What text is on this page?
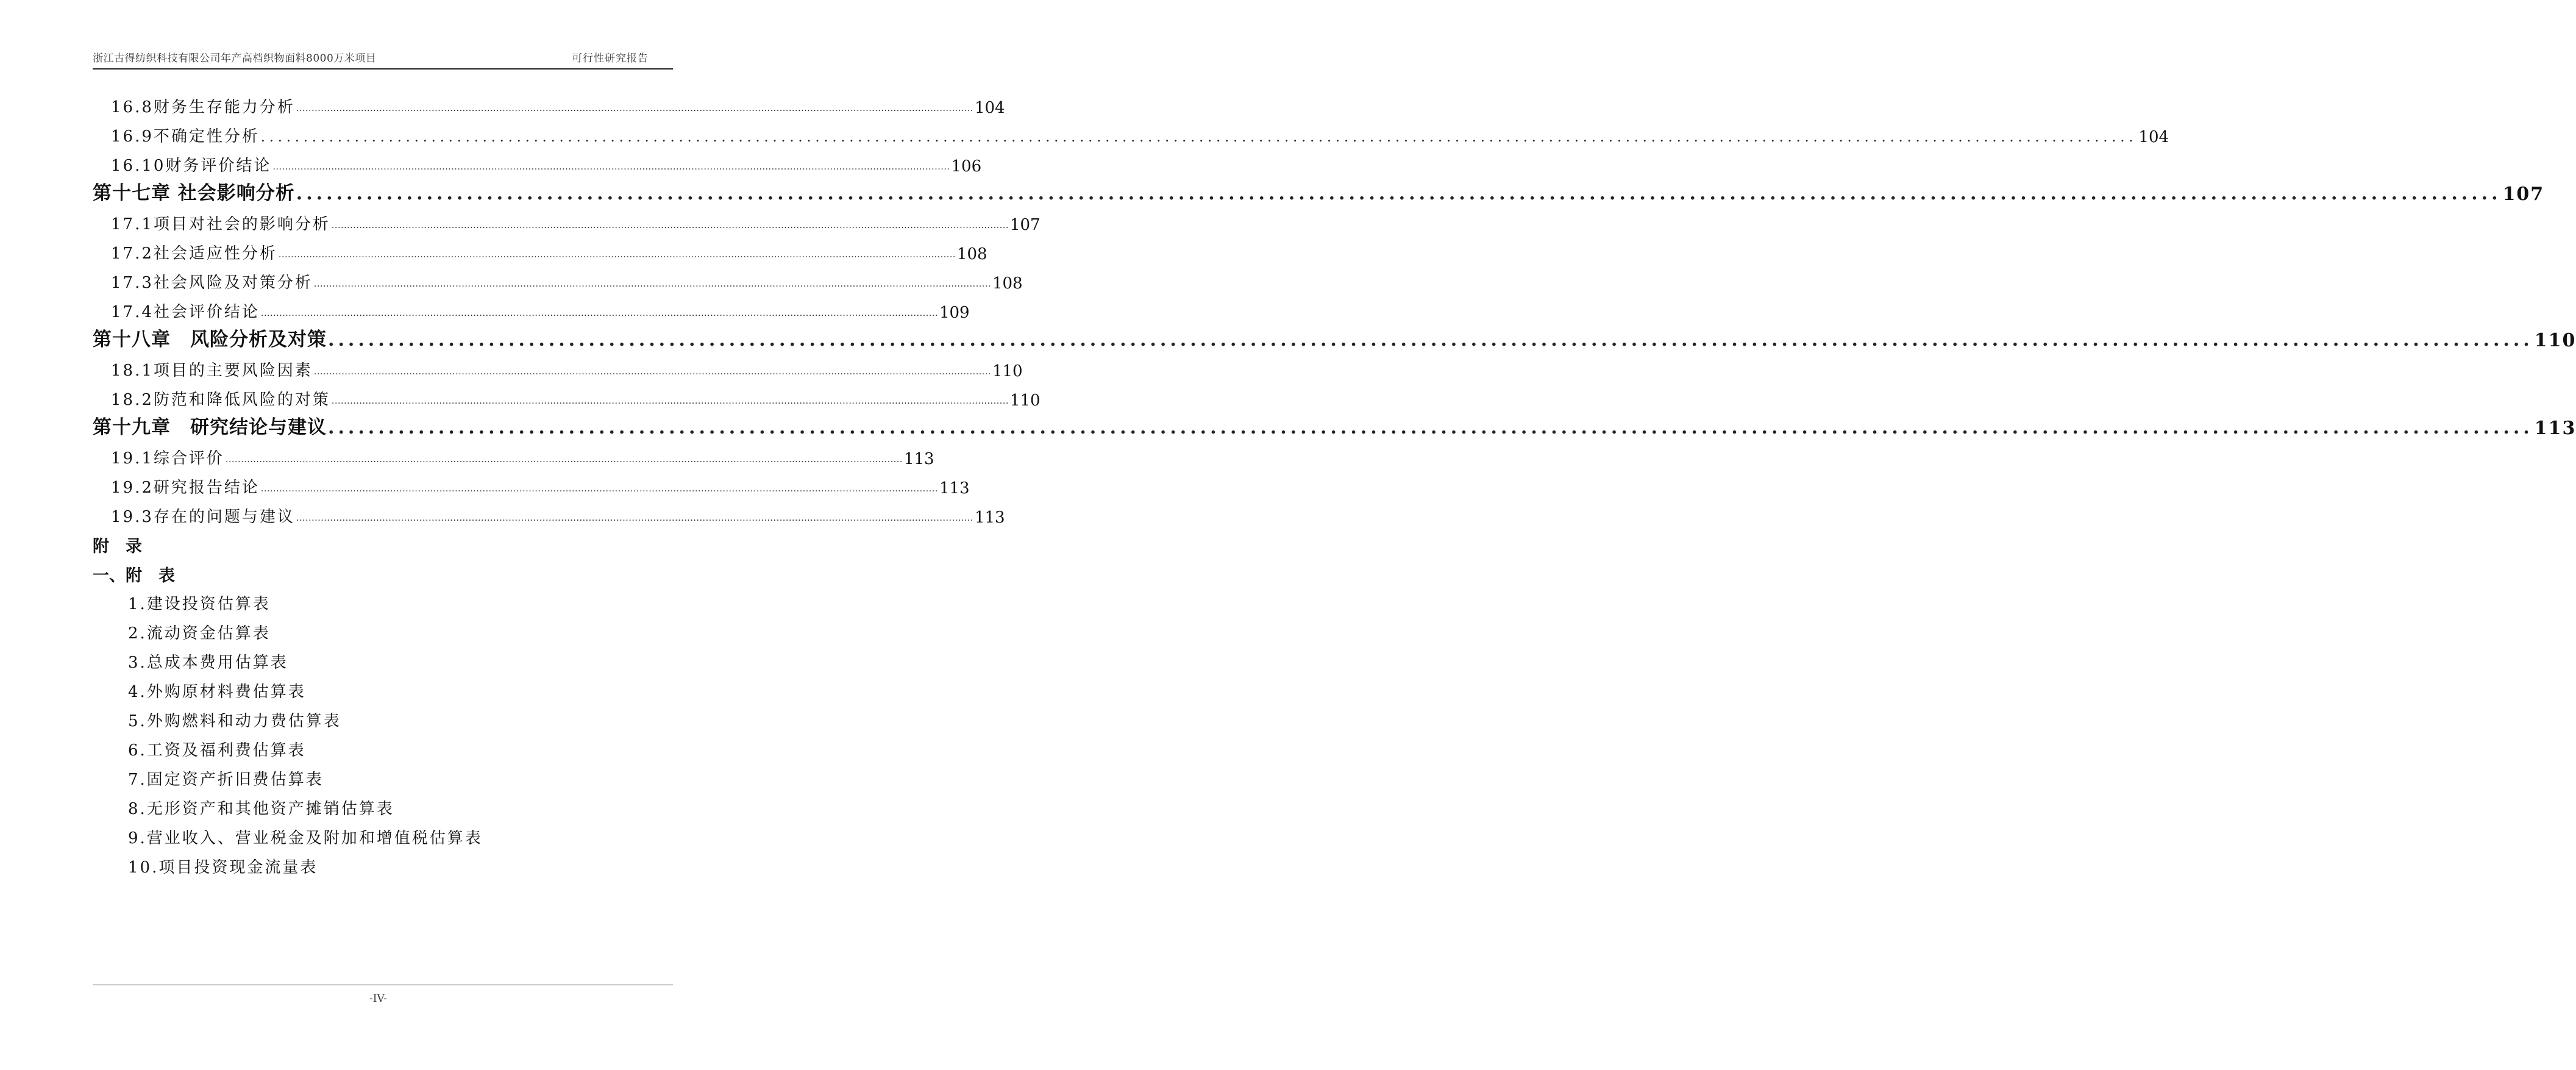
浙江古得纺织科技有限公司年产高档织物面料8000万米项目	可行性研究报告
16.8财务生存能力分析 ............................................................................................................................................................................................................................ 104
16.9不确定性分析 ............................................................................................................................................................................................................................ 104
16.10财务评价结论 ............................................................................................................................................................................................................................ 106
第十七章 社会影响分析 ............................................................................................................................................................................................................................ 107
17.1项目对社会的影响分析 ............................................................................................................................................................................................................................ 107
17.2社会适应性分析 ............................................................................................................................................................................................................................ 108
17.3社会风险及对策分析 ............................................................................................................................................................................................................................ 108
17.4社会评价结论 ............................................................................................................................................................................................................................ 109
第十八章　风险分析及对策 ............................................................................................................................................................................................................................ 110
18.1项目的主要风险因素 ............................................................................................................................................................................................................................ 110
18.2防范和降低风险的对策 ............................................................................................................................................................................................................................ 110
第十九章　研究结论与建议 ............................................................................................................................................................................................................................ 113
19.1综合评价 ............................................................................................................................................................................................................................ 113
19.2研究报告结论 ............................................................................................................................................................................................................................ 113
19.3存在的问题与建议 ............................................................................................................................................................................................................................ 113
附　录
一、附　表
1.建设投资估算表
2.流动资金估算表
3.总成本费用估算表
4.外购原材料费估算表
5.外购燃料和动力费估算表
6.工资及福利费估算表
7.固定资产折旧费估算表
8.无形资产和其他资产摊销估算表
9.营业收入、营业税金及附加和增值税估算表
10.项目投资现金流量表
-IV-
